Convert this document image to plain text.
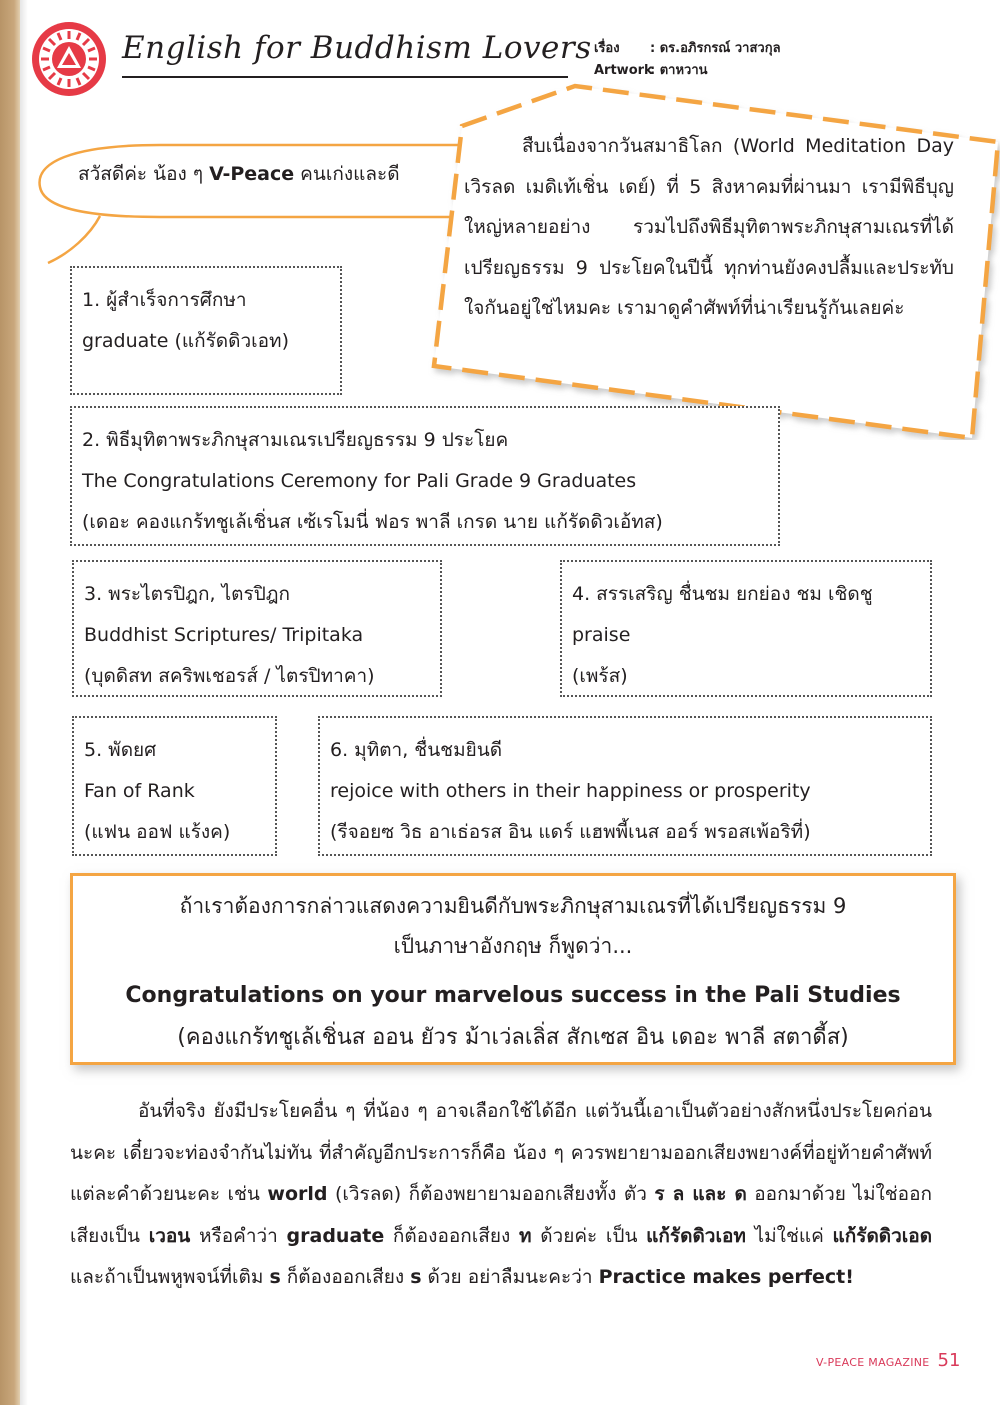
English for Buddhism Lovers เรื่อง : ดร.อภิรกรณ์ วาสวกุล
Artwork: ตาหวาน
สวัสดีค่ะ น้อง ๆ V-Peace คนเก่งและดี
สืบเนื่องจากวันสมาธิโลก (World Meditation Day เวิรลด เมดิเท้เชิ่น เดย์) ที่ 5 สิงหาคมที่ผ่านมา เรามีพิธีบุญใหญ่หลายอย่าง รวมไปถึงพิธีมุทิตาพระภิกษุสามเณรที่ได้เปรียญธรรม 9 ประโยคในปีนี้ ทุกท่านยังคงปลื้มและประทับใจกันอยู่ใช่ไหมคะ เรามาดูคำศัพท์ที่น่าเรียนรู้กันเลยค่ะ
1. ผู้สำเร็จการศึกษา
graduate (แก้รัดดิวเอท)
2. พิธีมุทิตาพระภิกษุสามเณรเปรียญธรรม 9 ประโยค
The Congratulations Ceremony for Pali Grade 9 Graduates
(เดอะ คองแกร้ทชูเล้เชิ่นส เซ้เรโมนี่ ฟอร พาลี เกรด นาย แก้รัดดิวเอ้ทส)
3. พระไตรปิฎก, ไตรปิฎก
Buddhist Scriptures/ Tripitaka
(บุดดิสท สคริพเชอรส์ / ไตรปิทาคา)
4. สรรเสริญ ชื่นชม ยกย่อง ชม เชิดชู
praise
(เพร้ส)
5. พัดยศ
Fan of Rank
(แฟน ออฟ แร้งค)
6. มุทิตา, ชื่นชมยินดี
rejoice with others in their happiness or prosperity
(รีจอยซ วิธ อาเธ่อรส อิน แดร์ แฮพพี้เนส ออร์ พรอสเพ้อริที่)
ถ้าเราต้องการกล่าวแสดงความยินดีกับพระภิกษุสามเณรที่ได้เปรียญธรรม 9
เป็นภาษาอังกฤษ ก็พูดว่า...
Congratulations on your marvelous success in the Pali Studies
(คองแกร้ทชูเล้เชิ่นส ออน ยัวร ม้าเว่ลเลิ่ส สักเซส อิน เดอะ พาลี สตาดี้ส)
อันที่จริง ยังมีประโยคอื่น ๆ ที่น้อง ๆ อาจเลือกใช้ได้อีก แต่วันนี้เอาเป็นตัวอย่างสักหนึ่งประโยคก่อนนะคะ เดี๋ยวจะท่องจำกันไม่ทัน ที่สำคัญอีกประการก็คือ น้อง ๆ ควรพยายามออกเสียงพยางค์ที่อยู่ท้ายคำศัพท์แต่ละคำด้วยนะคะ เช่น world (เวิรลด) ก็ต้องพยายามออกเสียงทั้ง ตัว ร ล และ ด ออกมาด้วย ไม่ใช่ออกเสียงเป็น เวอน หรือคำว่า graduate ก็ต้องออกเสียง ท ด้วยค่ะ เป็น แก้รัดดิวเอท ไม่ใช่แค่ แก้รัดดิวเอด และถ้าเป็นพหูพจน์ที่เติม s ก็ต้องออกเสียง s ด้วย อย่าลืมนะคะว่า Practice makes perfect!
V-PEACE MAGAZINE 51
